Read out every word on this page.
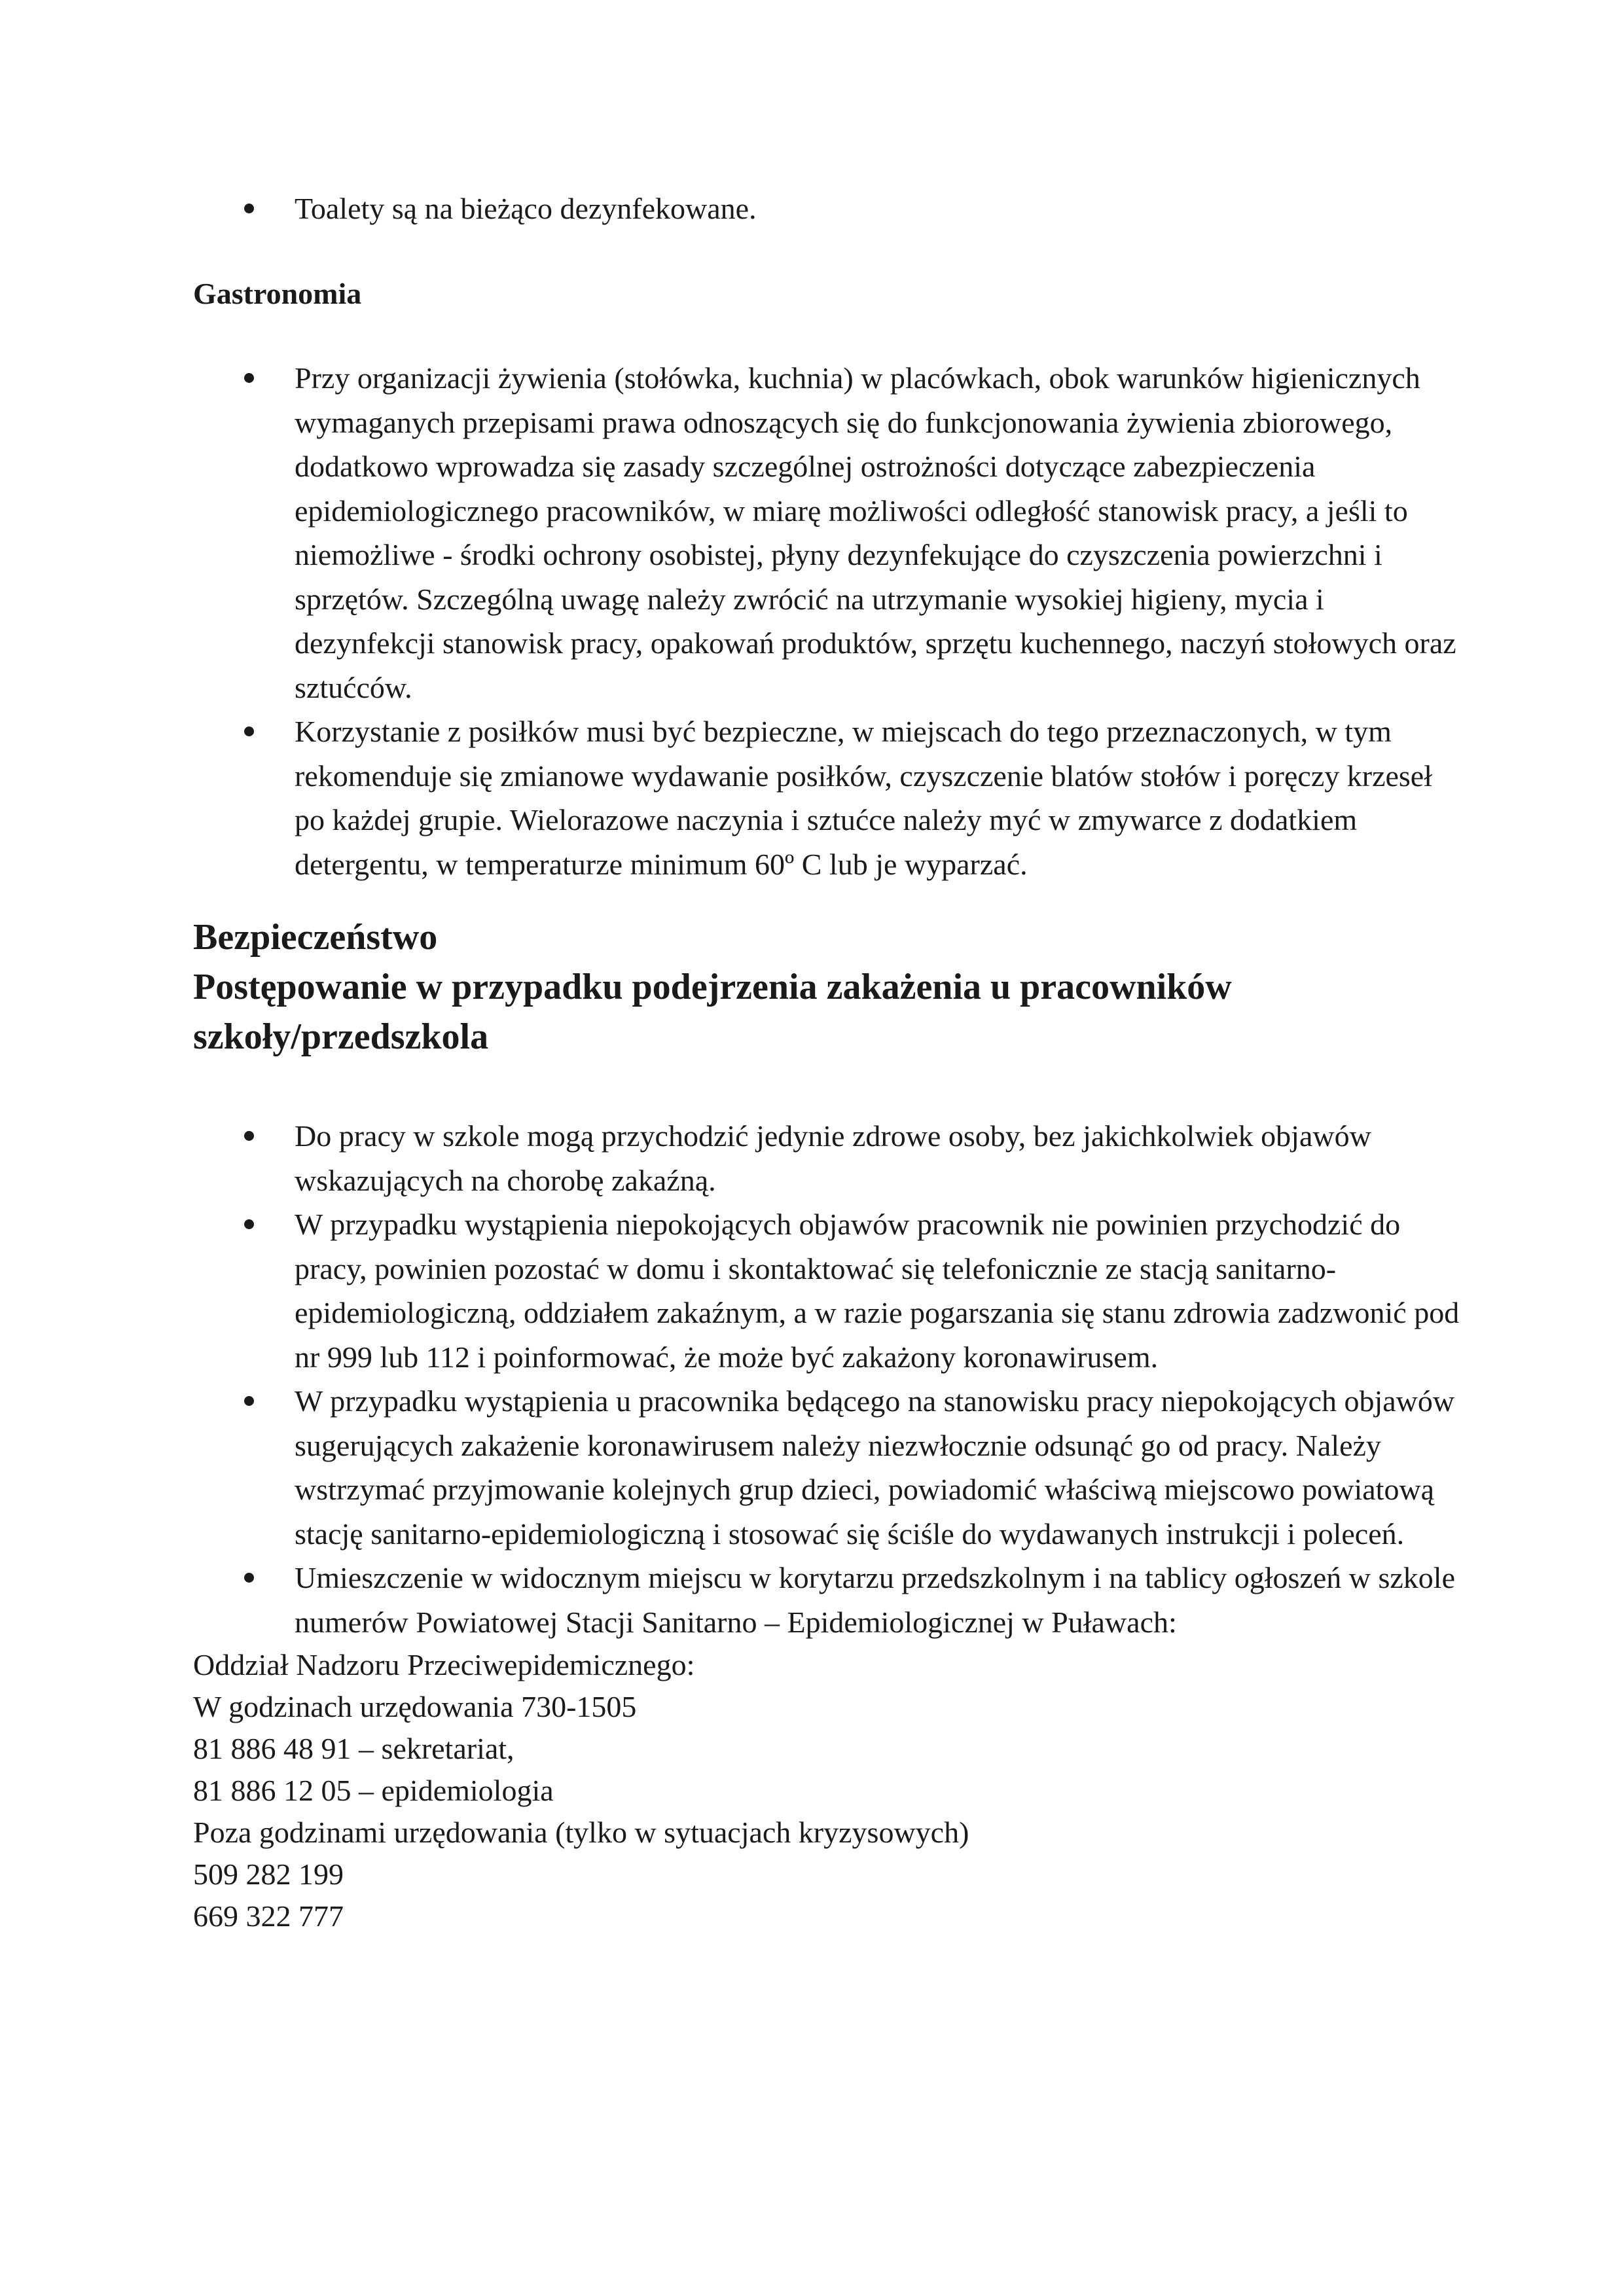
Toalety są na bieżąco dezynfekowane.
Gastronomia
Przy organizacji żywienia (stołówka, kuchnia) w placówkach, obok warunków higienicznych wymaganych przepisami prawa odnoszących się do funkcjonowania żywienia zbiorowego, dodatkowo wprowadza się zasady szczególnej ostrożności dotyczące zabezpieczenia epidemiologicznego pracowników, w miarę możliwości odległość stanowisk pracy, a jeśli to niemożliwe - środki ochrony osobistej, płyny dezynfekujące do czyszczenia powierzchni i sprzętów. Szczególną uwagę należy zwrócić na utrzymanie wysokiej higieny, mycia i dezynfekcji stanowisk pracy, opakowań produktów, sprzętu kuchennego, naczyń stołowych oraz sztućców.
Korzystanie z posiłków musi być bezpieczne, w miejscach do tego przeznaczonych, w tym rekomenduje się zmianowe wydawanie posiłków, czyszczenie blatów stołów i poręczy krzeseł po każdej grupie. Wielorazowe naczynia i sztućce należy myć w zmywarce z dodatkiem detergentu, w temperaturze minimum 60º C lub je wyparzać.
Bezpieczeństwo
Postępowanie w przypadku podejrzenia zakażenia u pracowników
szkoły/przedszkola
Do pracy w szkole mogą przychodzić jedynie zdrowe osoby, bez jakichkolwiek objawów wskazujących na chorobę zakaźną.
W przypadku wystąpienia niepokojących objawów pracownik nie powinien przychodzić do pracy, powinien pozostać w domu i skontaktować się telefonicznie ze stacją sanitarno-epidemiologiczną, oddziałem zakaźnym, a w razie pogarszania się stanu zdrowia zadzwonić pod nr 999 lub 112 i poinformować, że może być zakażony koronawirusem.
W przypadku wystąpienia u pracownika będącego na stanowisku pracy niepokojących objawów sugerujących zakażenie koronawirusem należy niezwłocznie odsunąć go od pracy. Należy wstrzymać przyjmowanie kolejnych grup dzieci, powiadomić właściwą miejscowo powiatową stację sanitarno-epidemiologiczną i stosować się ściśle do wydawanych instrukcji i poleceń.
Umieszczenie w widocznym miejscu w korytarzu przedszkolnym i na tablicy ogłoszeń w szkole numerów Powiatowej Stacji Sanitarno – Epidemiologicznej w Puławach:
Oddział Nadzoru Przeciwepidemicznego:
W godzinach urzędowania 730-1505
81 886 48 91 – sekretariat,
81 886 12 05 – epidemiologia
Poza godzinami urzędowania (tylko w sytuacjach kryzysowych)
509 282 199
669 322 777
